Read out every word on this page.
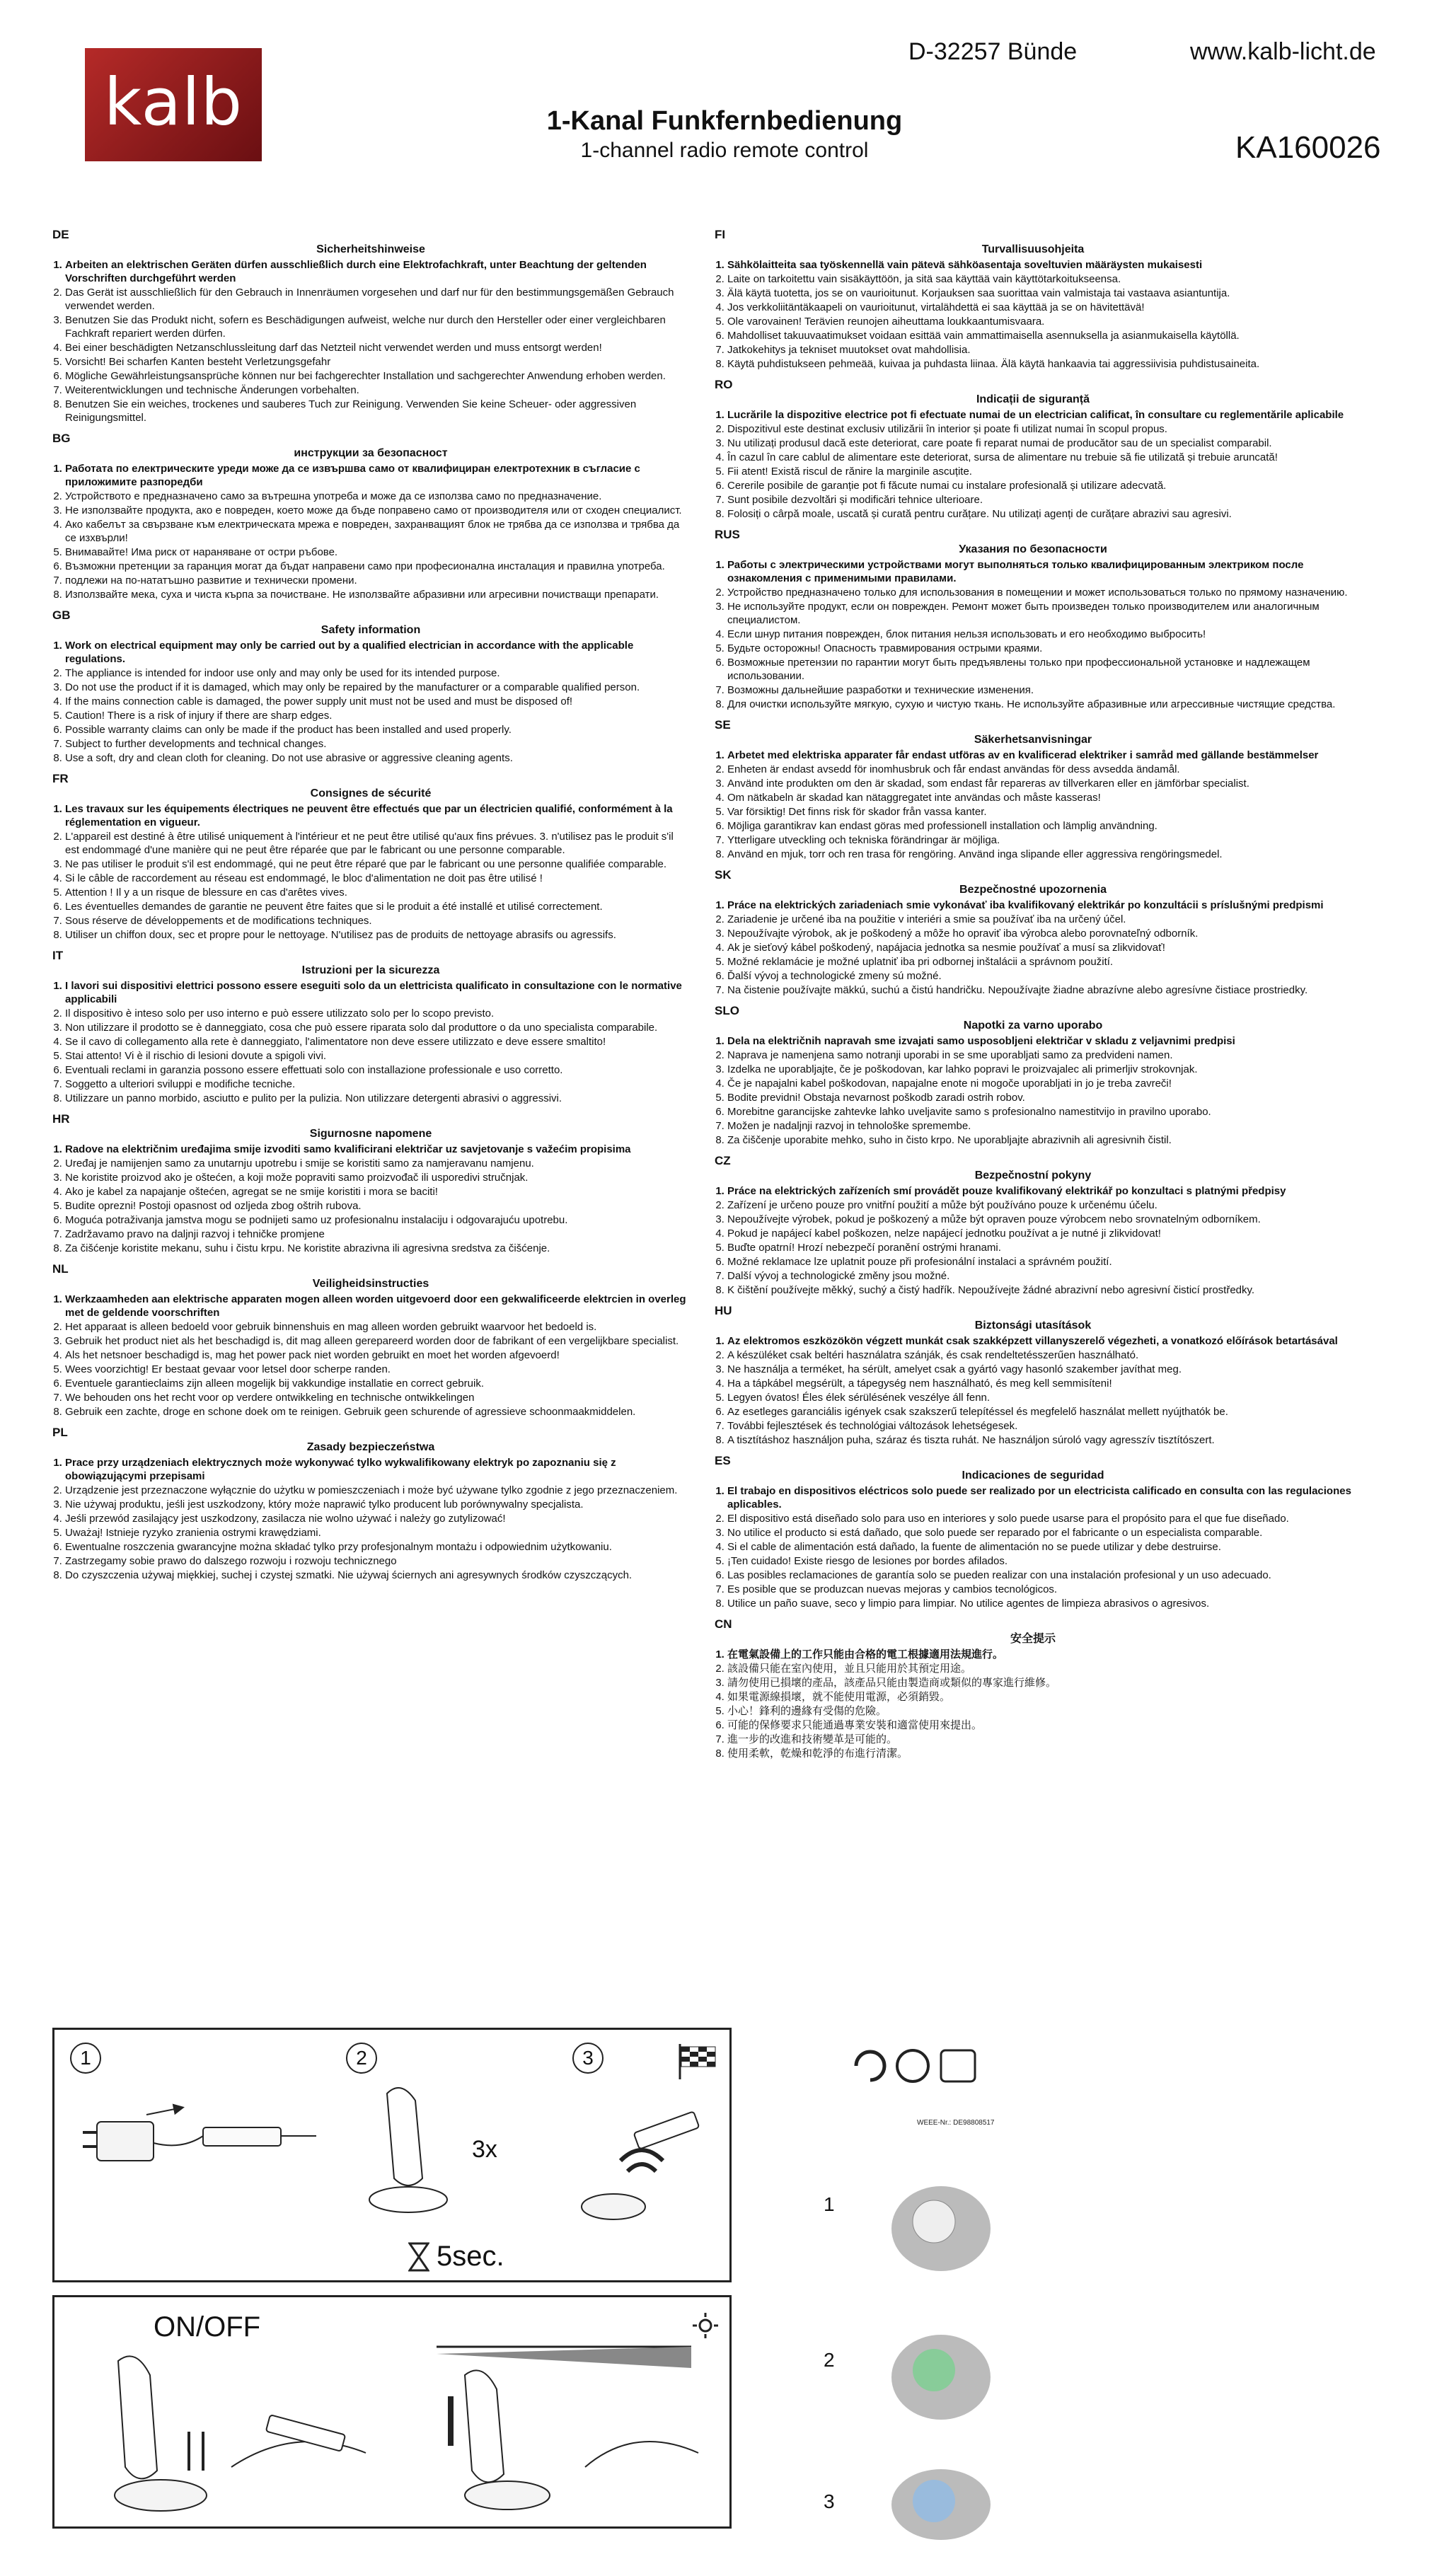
kalb
D-32257 Bünde	www.kalb-licht.de
1-Kanal Funkfernbedienung
1-channel radio remote control	KA160026
DE
Sicherheitshinweise
1. Arbeiten an elektrischen Geräten dürfen ausschließlich durch eine Elektrofachkraft, unter Beachtung der geltenden Vorschriften durchgeführt werden
2. Das Gerät ist ausschließlich für den Gebrauch in Innenräumen vorgesehen und darf nur für den bestimmungsgemäßen Gebrauch verwendet werden.
3. Benutzen Sie das Produkt nicht, sofern es Beschädigungen aufweist, welche nur durch den Hersteller oder einer vergleichbaren Fachkraft repariert werden dürfen.
4. Bei einer beschädigten Netzanschlussleitung darf das Netzteil nicht verwendet werden und muss entsorgt werden!
5. Vorsicht! Bei scharfen Kanten besteht Verletzungsgefahr
6. Mögliche Gewährleistungsansprüche können nur bei fachgerechter Installation und sachgerechter Anwendung erhoben werden.
7. Weiterentwicklungen und technische Änderungen vorbehalten.
8. Benutzen Sie ein weiches, trockenes und sauberes Tuch zur Reinigung. Verwenden Sie keine Scheuer- oder aggressiven Reinigungsmittel.
BG
инструкции за безопасност
1. Работата по електрическите уреди може да се извършва само от квалифициран електротехник в съгласие с приложимите разпоредби
2. Устройството е предназначено само за вътрешна употреба и може да се използва само по предназначение.
3. Не използвайте продукта, ако е повреден, което може да бъде поправено само от производителя или от сходен специалист.
4. Ако кабелът за свързване към електрическата мрежа е повреден, захранващият блок не трябва да се използва и трябва да се изхвърли!
5. Внимавайте! Има риск от нараняване от остри ръбове.
6. Възможни претенции за гаранция могат да бъдат направени само при професионална инсталация и правилна употреба.
7. подлежи на по-нататъшно развитие и технически промени.
8. Използвайте мека, суха и чиста кърпа за почистване. Не използвайте абразивни или агресивни почистващи препарати.
GB
Safety information
1. Work on electrical equipment may only be carried out by a qualified electrician in accordance with the applicable regulations.
2. The appliance is intended for indoor use only and may only be used for its intended purpose.
3. Do not use the product if it is damaged, which may only be repaired by the manufacturer or a comparable qualified person.
4. If the mains connection cable is damaged, the power supply unit must not be used and must be disposed of!
5. Caution! There is a risk of injury if there are sharp edges.
6. Possible warranty claims can only be made if the product has been installed and used properly.
7. Subject to further developments and technical changes.
8. Use a soft, dry and clean cloth for cleaning. Do not use abrasive or aggressive cleaning agents.
FR
Consignes de sécurité
1. Les travaux sur les équipements électriques ne peuvent être effectués que par un électricien qualifié, conformément à la réglementation en vigueur.
2. L'appareil est destiné à être utilisé uniquement à l'intérieur et ne peut être utilisé qu'aux fins prévues. 3. n'utilisez pas le produit s'il est endommagé d'une manière qui ne peut être réparée que par le fabricant ou une personne comparable.
3. Ne pas utiliser le produit s'il est endommagé, qui ne peut être réparé que par le fabricant ou une personne qualifiée comparable.
4. Si le câble de raccordement au réseau est endommagé, le bloc d'alimentation ne doit pas être utilisé !
5. Attention ! Il y a un risque de blessure en cas d'arêtes vives.
6. Les éventuelles demandes de garantie ne peuvent être faites que si le produit a été installé et utilisé correctement.
7. Sous réserve de développements et de modifications techniques.
8. Utiliser un chiffon doux, sec et propre pour le nettoyage. N'utilisez pas de produits de nettoyage abrasifs ou agressifs.
IT
Istruzioni per la sicurezza
1. I lavori sui dispositivi elettrici possono essere eseguiti solo da un elettricista qualificato in consultazione con le normative applicabili
2. Il dispositivo è inteso solo per uso interno e può essere utilizzato solo per lo scopo previsto.
3. Non utilizzare il prodotto se è danneggiato, cosa che può essere riparata solo dal produttore o da uno specialista comparabile.
4. Se il cavo di collegamento alla rete è danneggiato, l'alimentatore non deve essere utilizzato e deve essere smaltito!
5. Stai attento! Vi è il rischio di lesioni dovute a spigoli vivi.
6. Eventuali reclami in garanzia possono essere effettuati solo con installazione professionale e uso corretto.
7. Soggetto a ulteriori sviluppi e modifiche tecniche.
8. Utilizzare un panno morbido, asciutto e pulito per la pulizia. Non utilizzare detergenti abrasivi o aggressivi.
HR
Sigurnosne napomene
1. Radove na električnim uređajima smije izvoditi samo kvalificirani električar uz savjetovanje s važećim propisima
2. Uređaj je namijenjen samo za unutarnju upotrebu i smije se koristiti samo za namjeravanu namjenu.
3. Ne koristite proizvod ako je oštećen, a koji može popraviti samo proizvođač ili usporedivi stručnjak.
4. Ako je kabel za napajanje oštećen, agregat se ne smije koristiti i mora se baciti!
5. Budite oprezni! Postoji opasnost od ozljeda zbog oštrih rubova.
6. Moguća potraživanja jamstva mogu se podnijeti samo uz profesionalnu instalaciju i odgovarajuću upotrebu.
7. Zadržavamo pravo na daljnji razvoj i tehničke promjene
8. Za čišćenje koristite mekanu, suhu i čistu krpu. Ne koristite abrazivna ili agresivna sredstva za čišćenje.
NL
Veiligheidsinstructies
1. Werkzaamheden aan elektrische apparaten mogen alleen worden uitgevoerd door een gekwalificeerde elektrcien in overleg met de geldende voorschriften
2. Het apparaat is alleen bedoeld voor gebruik binnenshuis en mag alleen worden gebruikt waarvoor het bedoeld is.
3. Gebruik het product niet als het beschadigd is, dit mag alleen gerepareerd worden door de fabrikant of een vergelijkbare specialist.
4. Als het netsnoer beschadigd is, mag het power pack niet worden gebruikt en moet het worden afgevoerd!
5. Wees voorzichtig! Er bestaat gevaar voor letsel door scherpe randen.
6. Eventuele garantieclaims zijn alleen mogelijk bij vakkundige installatie en correct gebruik.
7. We behouden ons het recht voor op verdere ontwikkeling en technische ontwikkelingen
8. Gebruik een zachte, droge en schone doek om te reinigen. Gebruik geen schurende of agressieve schoonmaakmiddelen.
PL
Zasady bezpieczeństwa
1. Prace przy urządzeniach elektrycznych może wykonywać tylko wykwalifikowany elektryk po zapoznaniu się z obowiązującymi przepisami
2. Urządzenie jest przeznaczone wyłącznie do użytku w pomieszczeniach i może być używane tylko zgodnie z jego przeznaczeniem.
3. Nie używaj produktu, jeśli jest uszkodzony, który może naprawić tylko producent lub porównywalny specjalista.
4. Jeśli przewód zasilający jest uszkodzony, zasilacza nie wolno używać i należy go zutylizować!
5. Uważaj! Istnieje ryzyko zranienia ostrymi krawędziami.
6. Ewentualne roszczenia gwarancyjne można składać tylko przy profesjonalnym montażu i odpowiednim użytkowaniu.
7. Zastrzegamy sobie prawo do dalszego rozwoju i rozwoju technicznego
8. Do czyszczenia używaj miękkiej, suchej i czystej szmatki. Nie używaj ściernych ani agresywnych środków czyszczących.
FI
Turvallisuusohjeita
1. Sähkölaitteita saa työskennellä vain pätevä sähköasentaja soveltuvien määräysten mukaisesti
2. Laite on tarkoitettu vain sisäkäyttöön, ja sitä saa käyttää vain käyttötarkoitukseensa.
3. Älä käytä tuotetta, jos se on vaurioitunut. Korjauksen saa suorittaa vain valmistaja tai vastaava asiantuntija.
4. Jos verkkoliitäntäkaapeli on vaurioitunut, virtalähdettä ei saa käyttää ja se on hävitettävä!
5. Ole varovainen! Terävien reunojen aiheuttama loukkaantumisvaara.
6. Mahdolliset takuuvaatimukset voidaan esittää vain ammattimaisella asennuksella ja asianmukaisella käytöllä.
7. Jatkokehitys ja tekniset muutokset ovat mahdollisia.
8. Käytä puhdistukseen pehmeää, kuivaa ja puhdasta liinaa. Älä käytä hankaavia tai aggressiivisia puhdistusaineita.
RO
Indicații de siguranță
1. Lucrările la dispozitive electrice pot fi efectuate numai de un electrician calificat, în consultare cu reglementările aplicabile
2. Dispozitivul este destinat exclusiv utilizării în interior și poate fi utilizat numai în scopul propus.
3. Nu utilizați produsul dacă este deteriorat, care poate fi reparat numai de producător sau de un specialist comparabil.
4. În cazul în care cablul de alimentare este deteriorat, sursa de alimentare nu trebuie să fie utilizată și trebuie aruncată!
5. Fii atent! Există riscul de rănire la marginile ascuțite.
6. Cererile posibile de garanție pot fi făcute numai cu instalare profesională și utilizare adecvată.
7. Sunt posibile dezvoltări și modificări tehnice ulterioare.
8. Folosiți o cârpă moale, uscată și curată pentru curățare. Nu utilizați agenți de curățare abrazivi sau agresivi.
RUS
Указания по безопасности
1. Работы с электрическими устройствами могут выполняться только квалифицированным электриком после ознакомления с применимыми правилами.
2. Устройство предназначено только для использования в помещении и может использоваться только по прямому назначению.
3. Не используйте продукт, если он поврежден. Ремонт может быть произведен только производителем или аналогичным специалистом.
4. Если шнур питания поврежден, блок питания нельзя использовать и его необходимо выбросить!
5. Будьте осторожны! Опасность травмирования острыми краями.
6. Возможные претензии по гарантии могут быть предъявлены только при профессиональной установке и надлежащем использовании.
7. Возможны дальнейшие разработки и технические изменения.
8. Для очистки используйте мягкую, сухую и чистую ткань. Не используйте абразивные или агрессивные чистящие средства.
SE
Säkerhetsanvisningar
1. Arbetet med elektriska apparater får endast utföras av en kvalificerad elektriker i samråd med gällande bestämmelser
2. Enheten är endast avsedd för inomhusbruk och får endast användas för dess avsedda ändamål.
3. Använd inte produkten om den är skadad, som endast får repareras av tillverkaren eller en jämförbar specialist.
4. Om nätkabeln är skadad kan nätaggregatet inte användas och måste kasseras!
5. Var försiktig! Det finns risk för skador från vassa kanter.
6. Möjliga garantikrav kan endast göras med professionell installation och lämplig användning.
7. Ytterligare utveckling och tekniska förändringar är möjliga.
8. Använd en mjuk, torr och ren trasa för rengöring. Använd inga slipande eller aggressiva rengöringsmedel.
SK
Bezpečnostné upozornenia
1. Práce na elektrických zariadeniach smie vykonávať iba kvalifikovaný elektrikár po konzultácii s príslušnými predpismi
2. Zariadenie je určené iba na použitie v interiéri a smie sa používať iba na určený účel.
3. Nepoužívajte výrobok, ak je poškodený a môže ho opraviť iba výrobca alebo porovnateľný odborník.
4. Ak je sieťový kábel poškodený, napájacia jednotka sa nesmie používať a musí sa zlikvidovať!
5. Možné reklamácie je možné uplatniť iba pri odbornej inštalácii a správnom použití.
6. Ďalší vývoj a technologické zmeny sú možné.
7. Na čistenie používajte mäkkú, suchú a čistú handričku. Nepoužívajte žiadne abrazívne alebo agresívne čistiace prostriedky.
SLO
Napotki za varno uporabo
1. Dela na električnih napravah sme izvajati samo usposobljeni električar v skladu z veljavnimi predpisi
2. Naprava je namenjena samo notranji uporabi in se sme uporabljati samo za predvideni namen.
3. Izdelka ne uporabljajte, če je poškodovan, kar lahko popravi le proizvajalec ali primerljiv strokovnjak.
4. Če je napajalni kabel poškodovan, napajalne enote ni mogoče uporabljati in jo je treba zavreči!
5. Bodite previdni! Obstaja nevarnost poškodb zaradi ostrih robov.
6. Morebitne garancijske zahtevke lahko uveljavite samo s profesionalno namestitvijo in pravilno uporabo.
7. Možen je nadaljnji razvoj in tehnološke spremembe.
8. Za čiščenje uporabite mehko, suho in čisto krpo. Ne uporabljajte abrazivnih ali agresivnih čistil.
CZ
Bezpečnostní pokyny
1. Práce na elektrických zařízeních smí provádět pouze kvalifikovaný elektrikář po konzultaci s platnými předpisy
2. Zařízení je určeno pouze pro vnitřní použití a může být používáno pouze k určenému účelu.
3. Nepoužívejte výrobek, pokud je poškozený a může být opraven pouze výrobcem nebo srovnatelným odborníkem.
4. Pokud je napájecí kabel poškozen, nelze napájecí jednotku používat a je nutné ji zlikvidovat!
5. Buďte opatrní! Hrozí nebezpečí poranění ostrými hranami.
6. Možné reklamace lze uplatnit pouze při profesionální instalaci a správném použití.
7. Další vývoj a technologické změny jsou možné.
8. K čištění používejte měkký, suchý a čistý hadřík. Nepoužívejte žádné abrazivní nebo agresivní čisticí prostředky.
HU
Biztonsági utasítások
1. Az elektromos eszközökön végzett munkát csak szakképzett villanyszerelő végezheti, a vonatkozó előírások betartásával
2. A készüléket csak beltéri használatra szánják, és csak rendeltetésszerűen használható.
3. Ne használja a terméket, ha sérült, amelyet csak a gyártó vagy hasonló szakember javíthat meg.
4. Ha a tápkábel megsérült, a tápegység nem használható, és meg kell semmisíteni!
5. Legyen óvatos! Éles élek sérülésének veszélye áll fenn.
6. Az esetleges garanciális igények csak szakszerű telepítéssel és megfelelő használat mellett nyújthatók be.
7. További fejlesztések és technológiai változások lehetségesek.
8. A tisztításhoz használjon puha, száraz és tiszta ruhát. Ne használjon súroló vagy agresszív tisztítószert.
ES
Indicaciones de seguridad
1. El trabajo en dispositivos eléctricos solo puede ser realizado por un electricista calificado en consulta con las regulaciones aplicables.
2. El dispositivo está diseñado solo para uso en interiores y solo puede usarse para el propósito para el que fue diseñado.
3. No utilice el producto si está dañado, que solo puede ser reparado por el fabricante o un especialista comparable.
4. Si el cable de alimentación está dañado, la fuente de alimentación no se puede utilizar y debe destruirse.
5. ¡Ten cuidado! Existe riesgo de lesiones por bordes afilados.
6. Las posibles reclamaciones de garantía solo se pueden realizar con una instalación profesional y un uso adecuado.
7. Es posible que se produzcan nuevas mejoras y cambios tecnológicos.
8. Utilice un paño suave, seco y limpio para limpiar. No utilice agentes de limpieza abrasivos o agresivos.
CN
安全提示
1. 在電氣設備上的工作只能由合格的電工根據適用法規進行。
2. 該設備只能在室內使用，並且只能用於其預定用途。
3. 請勿使用已損壞的產品，該產品只能由製造商或類似的專家進行維修。
4. 如果電源線損壞，就不能使用電源，必須銷毀。
5. 小心！鋒利的邊緣有受傷的危險。
6. 可能的保修要求只能通過專業安裝和適當使用來提出。
7. 進一步的改進和技術變革是可能的。
8. 使用柔軟，乾燥和乾淨的布進行清潔。
1	2	3
3x
5sec.
ON/OFF
WEEE-Nr.: DE98808517
1
2
3
